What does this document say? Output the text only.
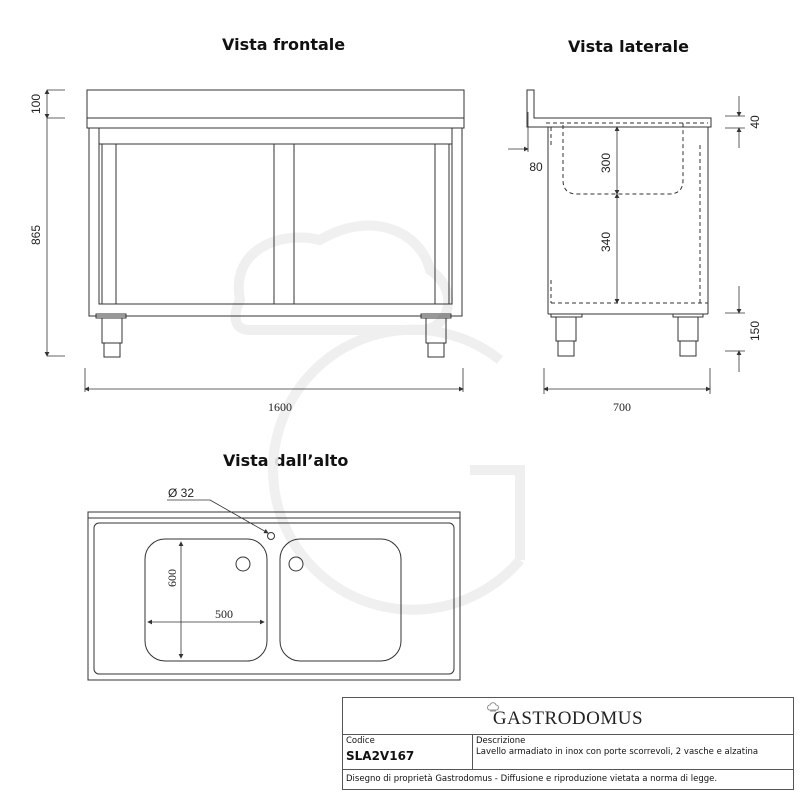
Vista frontale	Vista laterale
Vista dall’alto
100
865
1600
40
80	300
340
150
700
Ø 32
600
500
GASTRODOMUS
Codice
SLA2V167
Descrizione
Lavello armadiato in inox con porte scorrevoli, 2 vasche e alzatina
Disegno di proprietà Gastrodomus - Diffusione e riproduzione vietata a norma di legge.
